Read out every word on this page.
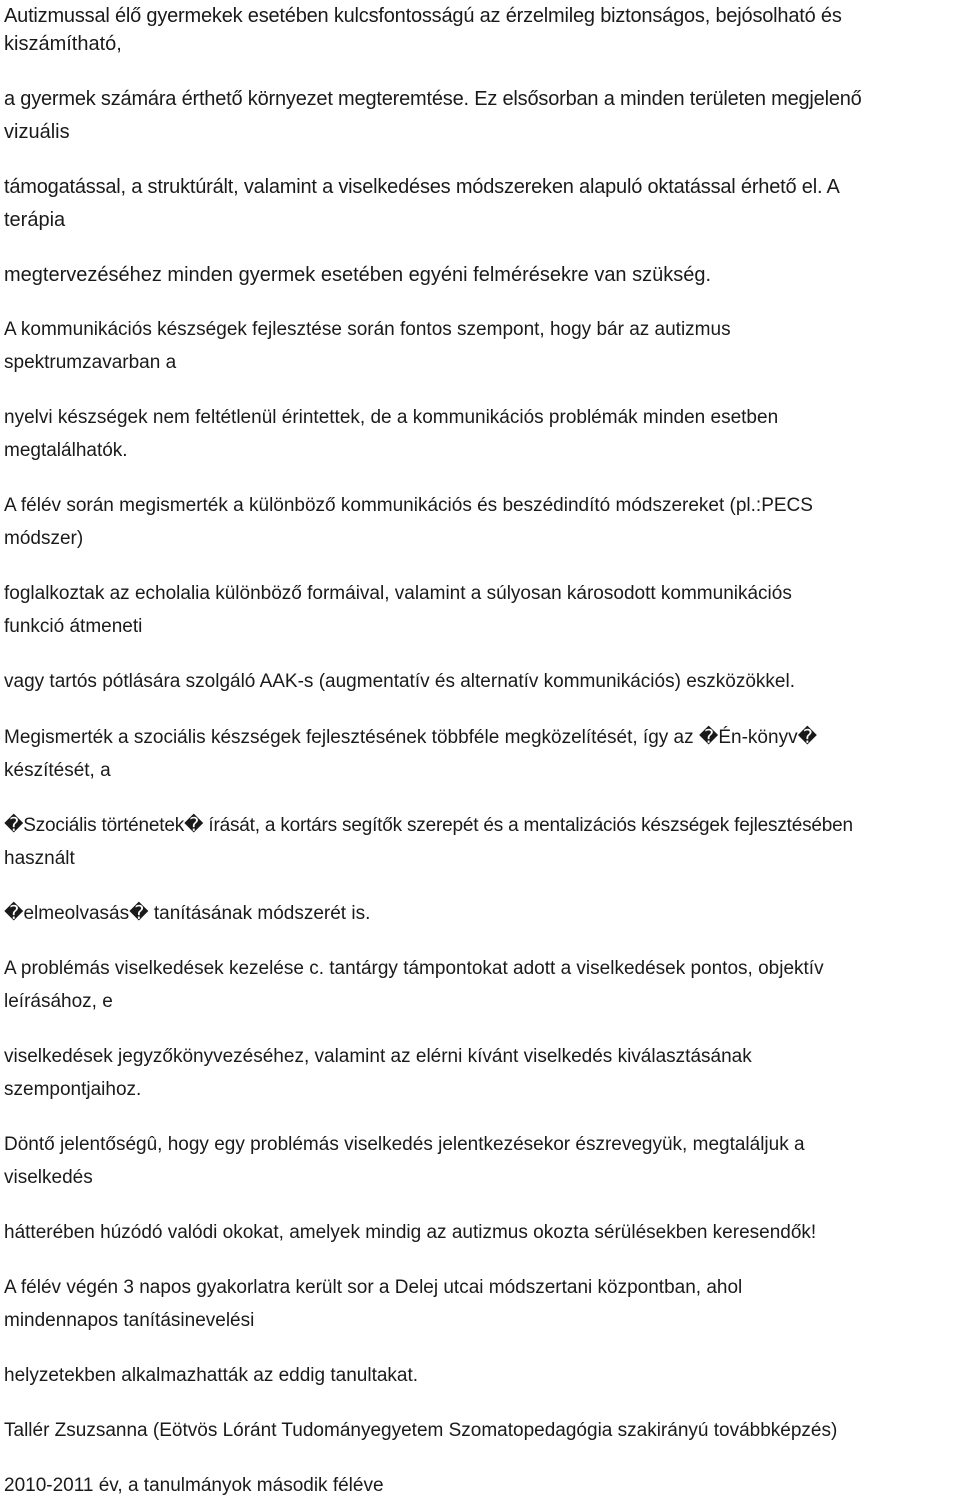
Autizmussal élő gyermekek esetében kulcsfontosságú az érzelmileg biztonságos, bejósolható és

kiszámítható,

a gyermek számára érthető környezet megteremtése. Ez elsősorban a minden területen megjelenő

vizuális

támogatással, a struktúrált, valamint a viselkedéses módszereken alapuló oktatással érhető el. A

terápia

megtervezéséhez minden gyermek esetében egyéni felmérésekre van szükség.

A kommunikációs készségek fejlesztése során fontos szempont, hogy bár az autizmus

spektrumzavarban a

nyelvi készségek nem feltétlenül érintettek, de a kommunikációs problémák minden esetben

megtalálhatók.

A félév során megismerték a különböző kommunikációs és beszédindító módszereket (pl.:PECS

módszer)

foglalkoztak az echolalia különböző formáival, valamint a súlyosan károsodott kommunikációs

funkció átmeneti

vagy tartós pótlására szolgáló AAK-s (augmentatív és alternatív kommunikációs) eszközökkel.

Megismerték a szociális készségek fejlesztésének többféle megközelítését, így az �Én-könyv�

készítését, a

�Szociális történetek� írását, a kortárs segítők szerepét és a mentalizációs készségek fejlesztésében

használt

�elmeolvasás� tanításának módszerét is.

A problémás viselkedések kezelése c. tantárgy támpontokat adott a viselkedések pontos, objektív

leírásához, e

viselkedések jegyzőkönyvezéséhez, valamint az elérni kívánt viselkedés kiválasztásának

szempontjaihoz.

Döntő jelentőségû, hogy egy problémás viselkedés jelentkezésekor észrevegyük, megtaláljuk a

viselkedés

hátterében húzódó valódi okokat, amelyek mindig az autizmus okozta sérülésekben keresendők!

A félév végén 3 napos gyakorlatra került sor a Delej utcai módszertani központban, ahol

mindennapos tanításinevelési

helyzetekben alkalmazhatták az eddig tanultakat.

Tallér Zsuzsanna (Eötvös Lóránt Tudományegyetem Szomatopedagógia szakirányú továbbképzés)

2010-2011 év, a tanulmányok második féléve
